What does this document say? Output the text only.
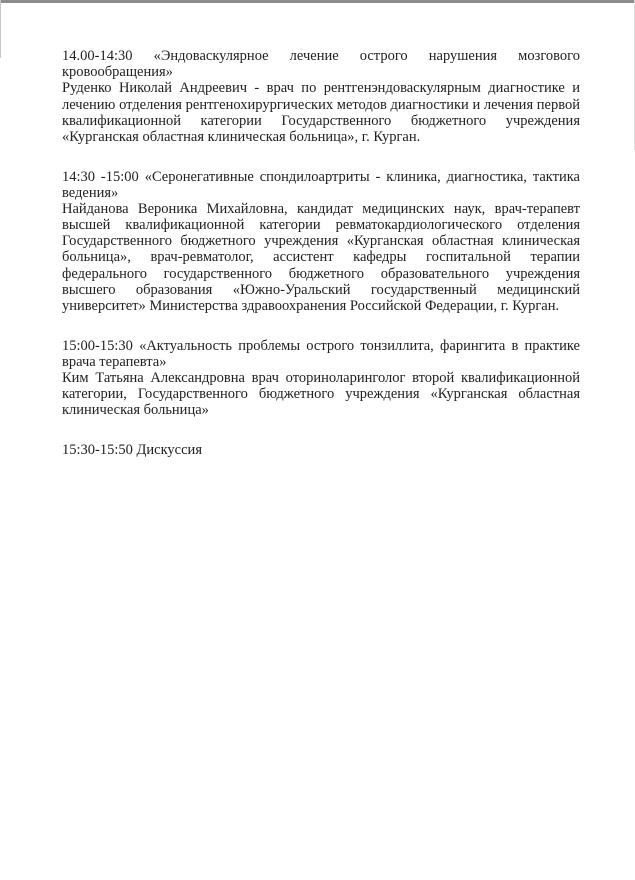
14.00-14:30 «Эндоваскулярное лечение острого нарушения мозгового
кровообращения»
Руденко Николай Андреевич - врач по рентгенэндоваскулярным диагностике и
лечению отделения рентгенохирургических методов диагностики и лечения первой
квалификационной категории Государственного бюджетного учреждения
«Курганская областная клиническая больница», г. Курган.
14:30 -15:00 «Серонегативные спондилоартриты - клиника, диагностика, тактика
ведения»
Найданова Вероника Михайловна, кандидат медицинских наук, врач-терапевт
высшей квалификационной категории ревматокардиологического отделения
Государственного бюджетного учреждения «Курганская областная клиническая
больница», врач-ревматолог, ассистент кафедры госпитальной терапии
федерального государственного бюджетного образовательного учреждения
высшего образования «Южно-Уральский государственный медицинский
университет» Министерства здравоохранения Российской Федерации, г. Курган.
15:00-15:30 «Актуальность проблемы острого тонзиллита, фарингита в практике
врача терапевта»
Ким Татьяна Александровна врач оториноларинголог второй квалификационной
категории, Государственного бюджетного учреждения «Курганская областная
клиническая больница»
15:30-15:50 Дискуссия
